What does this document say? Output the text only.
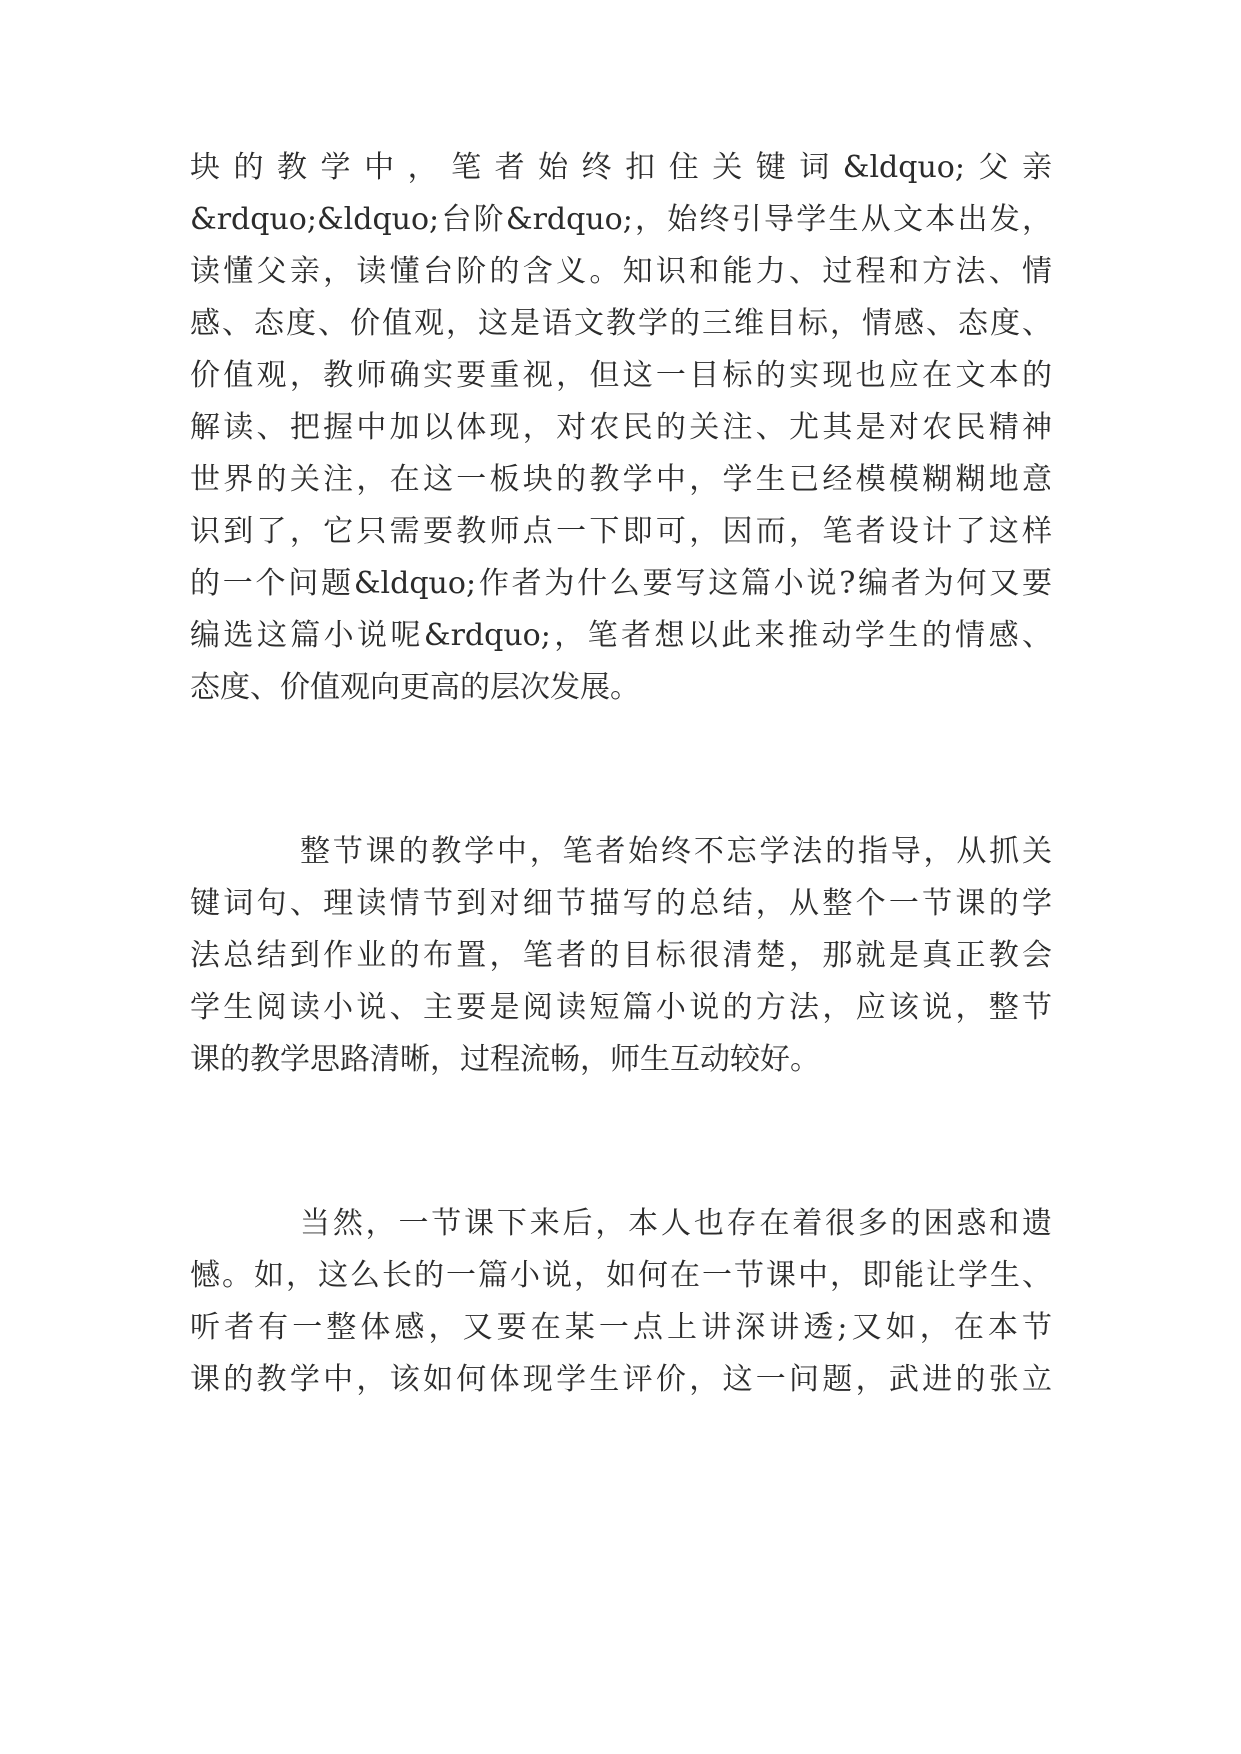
块的教学中，笔者始终扣住关键词&ldquo;父亲
&rdquo;&ldquo;台阶&rdquo;，始终引导学生从文本出发，
读懂父亲，读懂台阶的含义。知识和能力、过程和方法、情
感、态度、价值观，这是语文教学的三维目标，情感、态度、
价值观，教师确实要重视，但这一目标的实现也应在文本的
解读、把握中加以体现，对农民的关注、尤其是对农民精神
世界的关注，在这一板块的教学中，学生已经模模糊糊地意
识到了，它只需要教师点一下即可，因而，笔者设计了这样
的一个问题&ldquo;作者为什么要写这篇小说?编者为何又要
编选这篇小说呢&rdquo;，笔者想以此来推动学生的情感、
态度、价值观向更高的层次发展。
整节课的教学中，笔者始终不忘学法的指导，从抓关
键词句、理读情节到对细节描写的总结，从整个一节课的学
法总结到作业的布置，笔者的目标很清楚，那就是真正教会
学生阅读小说、主要是阅读短篇小说的方法，应该说，整节
课的教学思路清晰，过程流畅，师生互动较好。
当然，一节课下来后，本人也存在着很多的困惑和遗
憾。如，这么长的一篇小说，如何在一节课中，即能让学生、
听者有一整体感，又要在某一点上讲深讲透;又如，在本节
课的教学中，该如何体现学生评价，这一问题，武进的张立
